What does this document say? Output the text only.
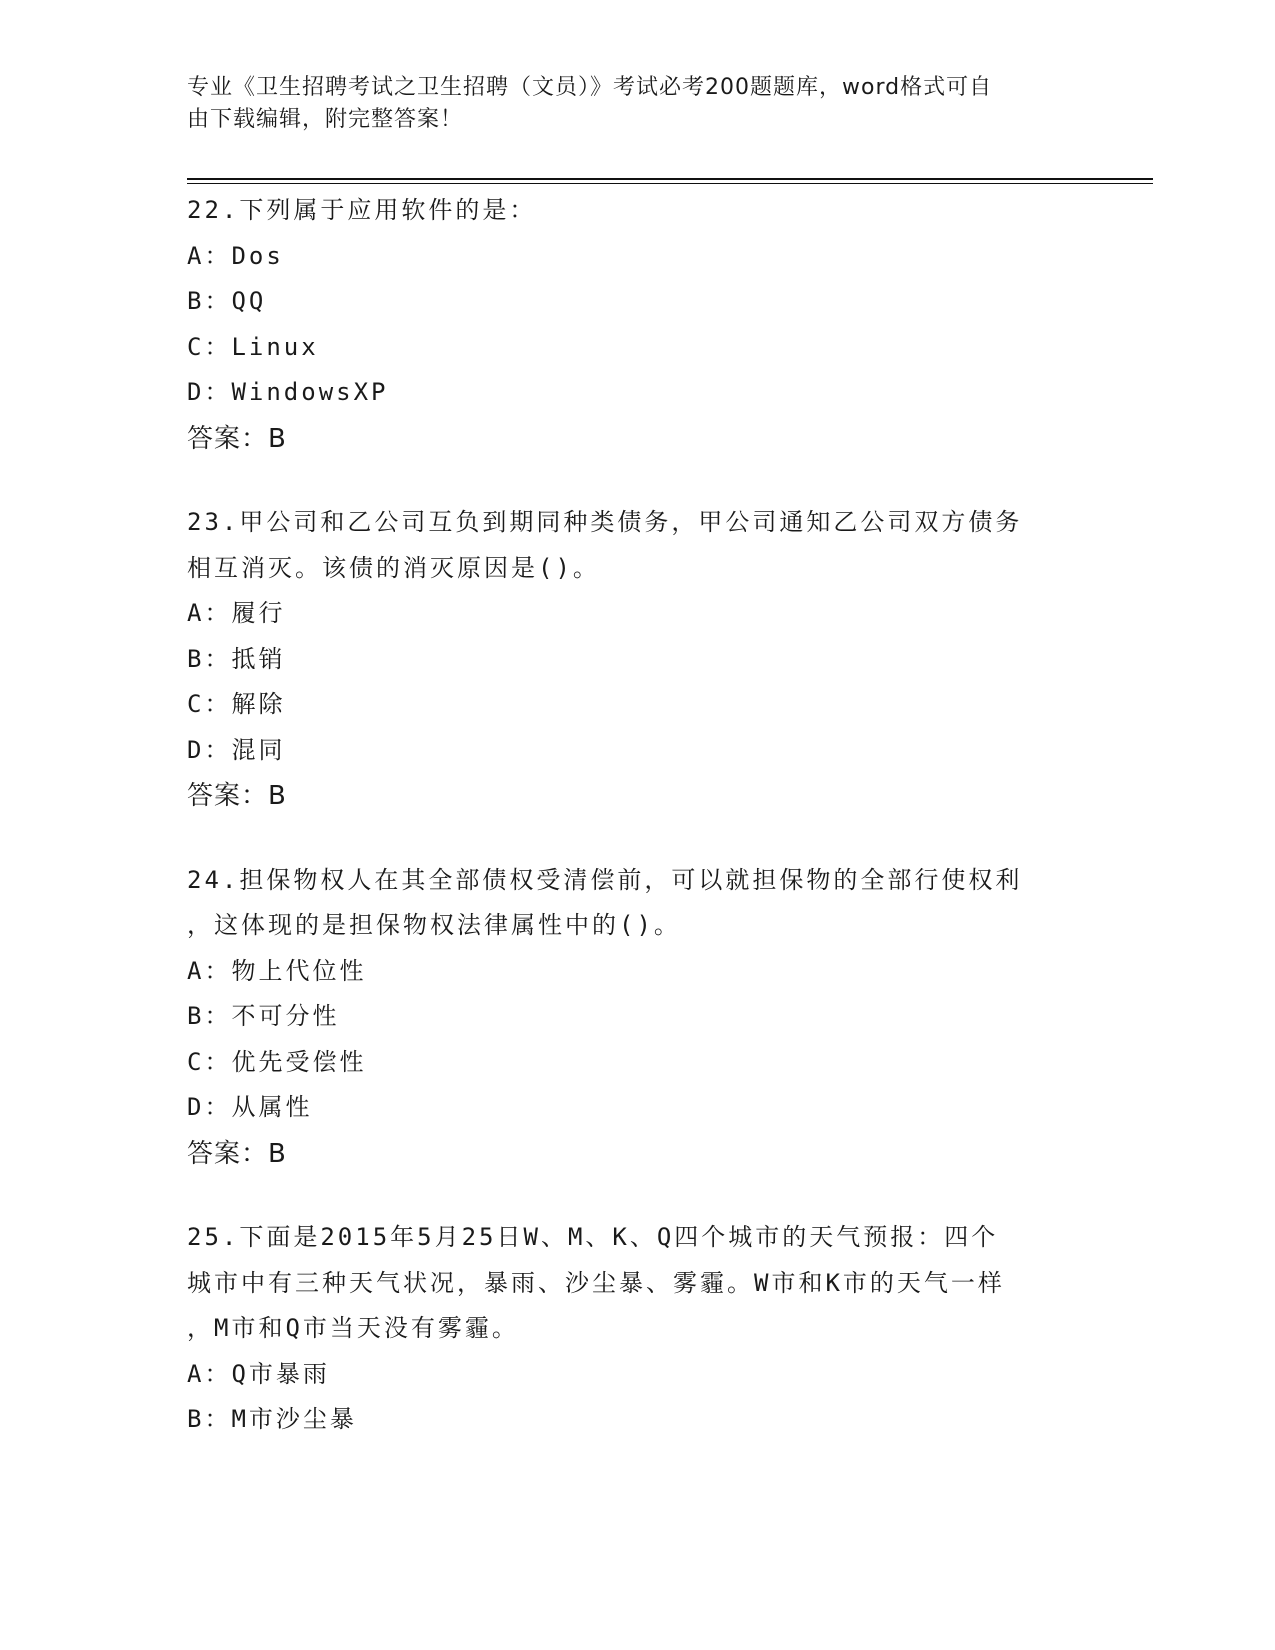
专业《卫生招聘考试之卫生招聘（文员）》考试必考200题题库，word格式可自
由下载编辑，附完整答案！

22.下列属于应用软件的是：

A：Dos

B：QQ

C：Linux

D：WindowsXP

答案：B

23.甲公司和乙公司互负到期同种类债务，甲公司通知乙公司双方债务

相互消灭。该债的消灭原因是()。

A：履行

B：抵销

C：解除

D：混同

答案：B

24.担保物权人在其全部债权受清偿前，可以就担保物的全部行使权利

，这体现的是担保物权法律属性中的()。

A：物上代位性

B：不可分性

C：优先受偿性

D：从属性

答案：B

25.下面是2015年5月25日W、M、K、Q四个城市的天气预报：四个

城市中有三种天气状况，暴雨、沙尘暴、雾霾。W市和K市的天气一样

，M市和Q市当天没有雾霾。

A：Q市暴雨

B：M市沙尘暴
